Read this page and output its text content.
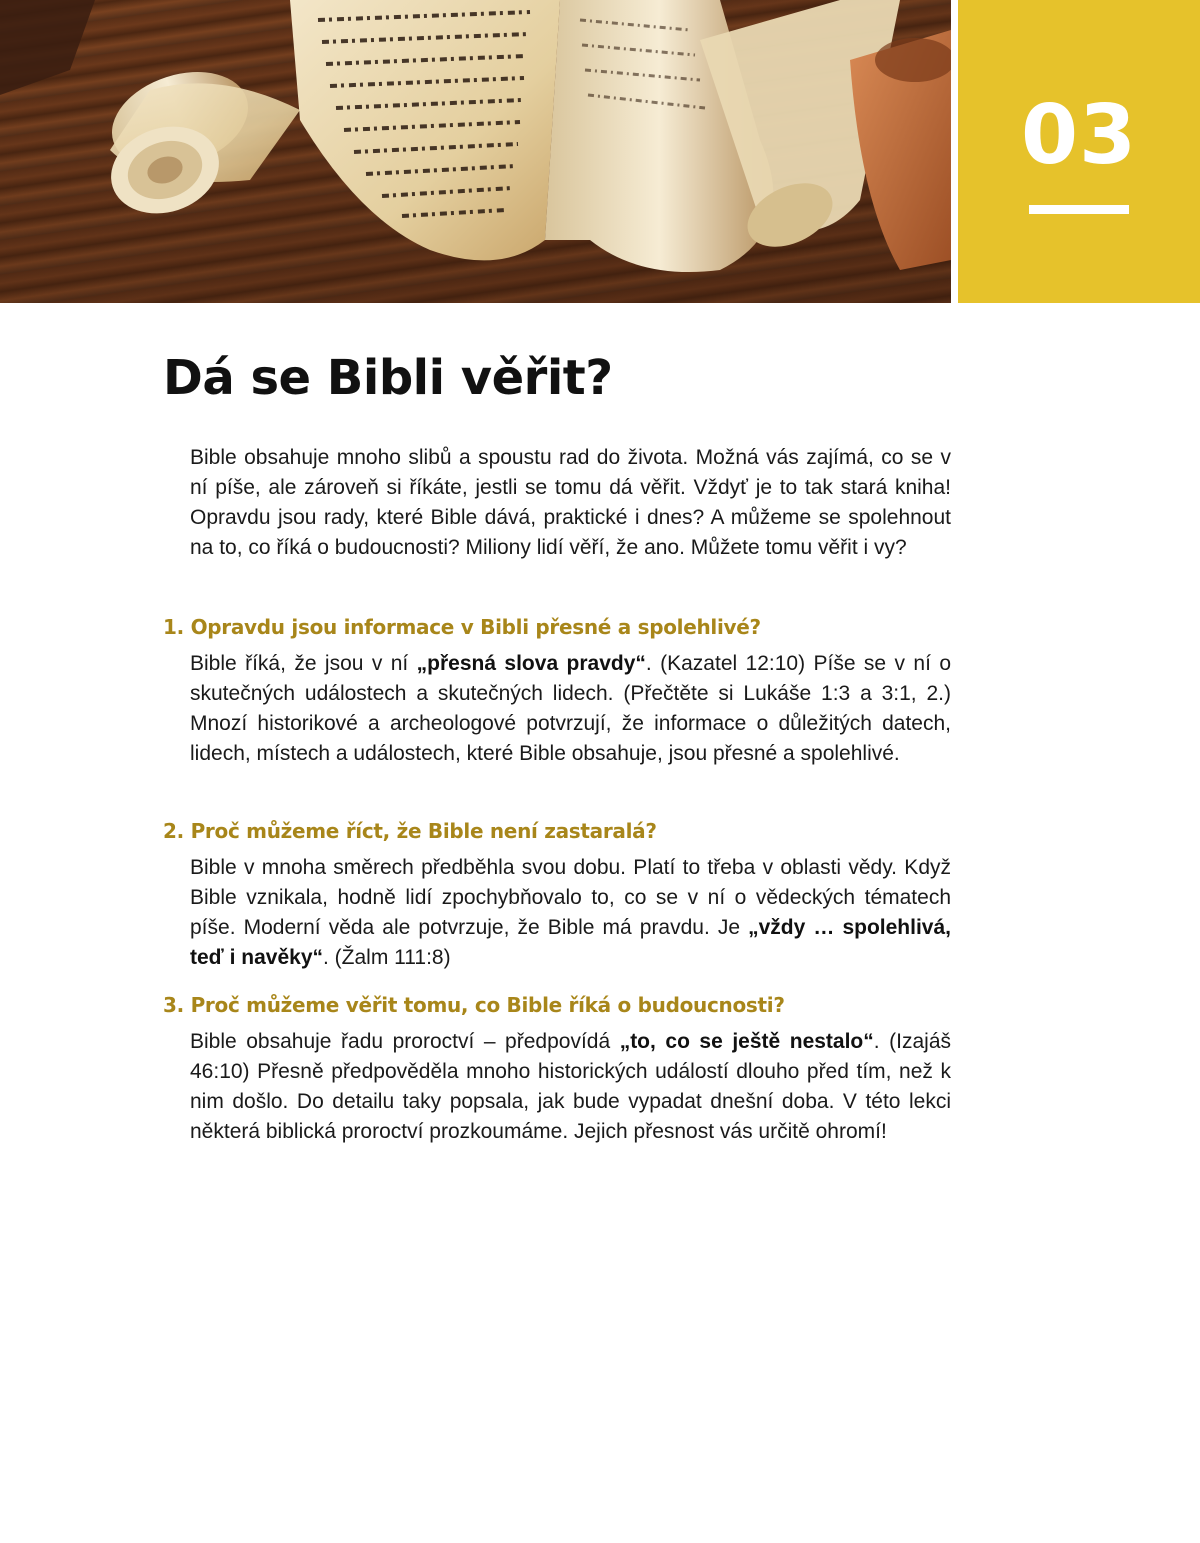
03
Dá se Bibli věřit?

Bible obsahuje mnoho slibů a spoustu rad do života. Možná vás zajímá, co se v ní píše, ale zároveň si říkáte, jestli se tomu dá věřit. Vždyť je to tak stará kniha! Opravdu jsou rady, které Bible dává, praktické i dnes? A můžeme se spolehnout na to, co říká o budoucnosti? Miliony lidí věří, že ano. Můžete tomu věřit i vy?

1. Opravdu jsou informace v Bibli přesné a spolehlivé?

Bible říká, že jsou v ní „přesná slova pravdy“. (Kazatel 12:10) Píše se v ní o skutečných událostech a skutečných lidech. (Přečtěte si Lukáše 1:3 a 3:1, 2.) Mnozí historikové a archeologové potvrzují, že informace o důležitých datech, lidech, místech a událostech, které Bible obsahuje, jsou přesné a spolehlivé.

2. Proč můžeme říct, že Bible není zastaralá?

Bible v mnoha směrech předběhla svou dobu. Platí to třeba v oblasti vědy. Když Bible vznikala, hodně lidí zpochybňovalo to, co se v ní o vědeckých tématech píše. Moderní věda ale potvrzuje, že Bible má pravdu. Je „vždy … spolehlivá, teď i navěky“. (Žalm 111:8)

3. Proč můžeme věřit tomu, co Bible říká o budoucnosti?

Bible obsahuje řadu proroctví – předpovídá „to, co se ještě nestalo“. (Izajáš 46:10) Přesně předpověděla mnoho historických událostí dlouho před tím, než k nim došlo. Do detailu taky popsala, jak bude vypadat dnešní doba. V této lekci některá biblická proroctví prozkoumáme. Jejich přesnost vás určitě ohromí!
